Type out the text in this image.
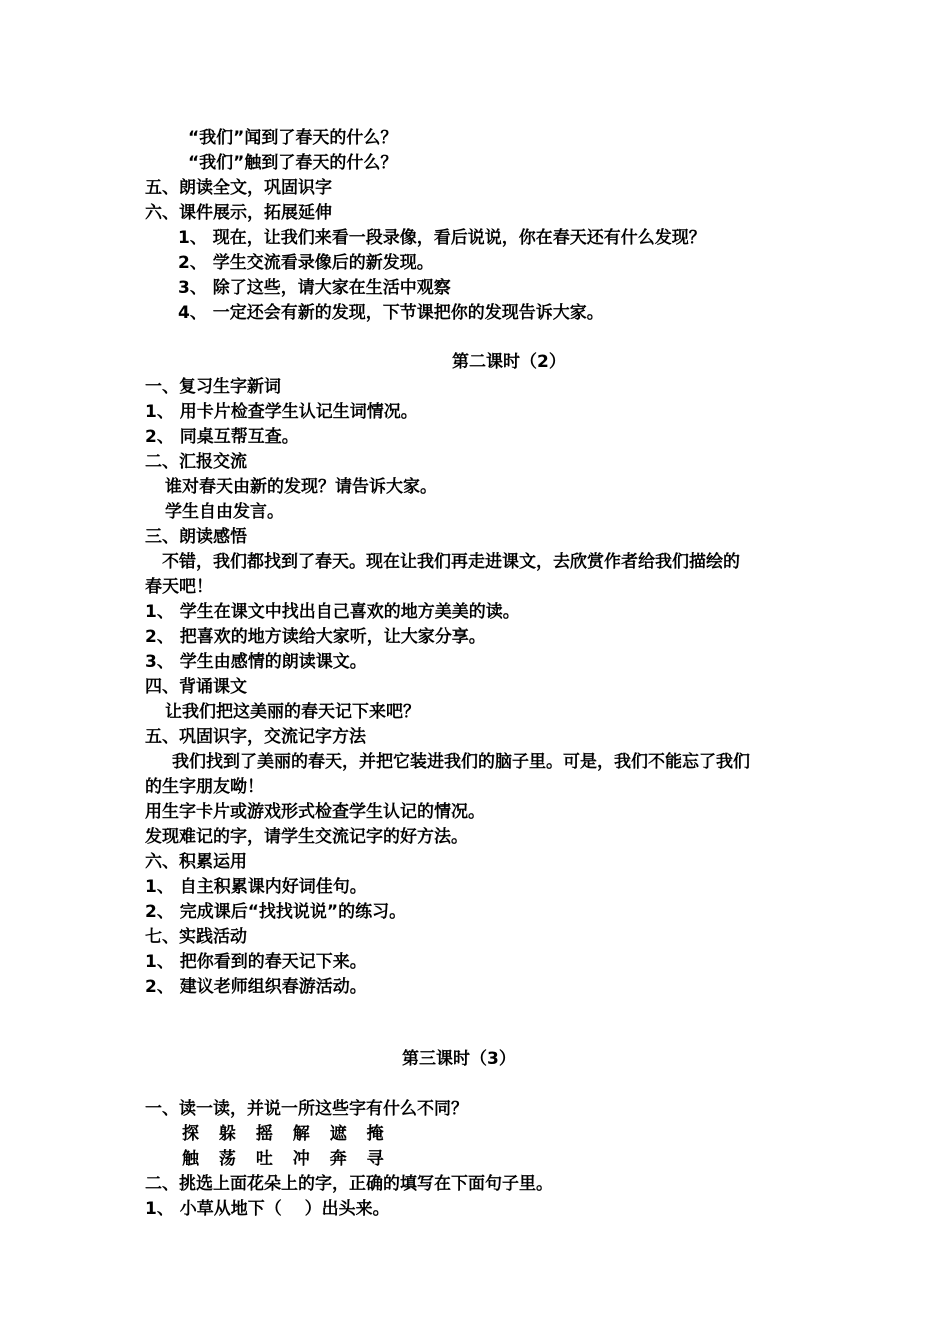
“我们”闻到了春天的什么？
“我们”触到了春天的什么？
五、朗读全文，巩固识字
六、课件展示，拓展延伸
1、 现在，让我们来看一段录像，看后说说，你在春天还有什么发现？
2、 学生交流看录像后的新发现。
3、 除了这些，请大家在生活中观察
4、 一定还会有新的发现，下节课把你的发现告诉大家。
第二课时（2）
一、复习生字新词
1、 用卡片检查学生认记生词情况。
2、 同桌互帮互查。
二、汇报交流
谁对春天由新的发现？请告诉大家。
学生自由发言。
三、朗读感悟
不错，我们都找到了春天。现在让我们再走进课文，去欣赏作者给我们描绘的
春天吧！
1、 学生在课文中找出自己喜欢的地方美美的读。
2、 把喜欢的地方读给大家听，让大家分享。
3、 学生由感情的朗读课文。
四、背诵课文
让我们把这美丽的春天记下来吧？
五、巩固识字，交流记字方法
我们找到了美丽的春天，并把它装进我们的脑子里。可是，我们不能忘了我们
的生字朋友呦！
用生字卡片或游戏形式检查学生认记的情况。
发现难记的字，请学生交流记字的好方法。
六、积累运用
1、 自主积累课内好词佳句。
2、 完成课后“找找说说”的练习。
七、实践活动
1、 把你看到的春天记下来。
2、 建议老师组织春游活动。
第三课时（3）
一、读一读，并说一所这些字有什么不同？
探 躲 摇 解 遮 掩
触 荡 吐 冲 奔 寻
二、挑选上面花朵上的字，正确的填写在下面句子里。
1、 小草从地下（　 ）出头来。
